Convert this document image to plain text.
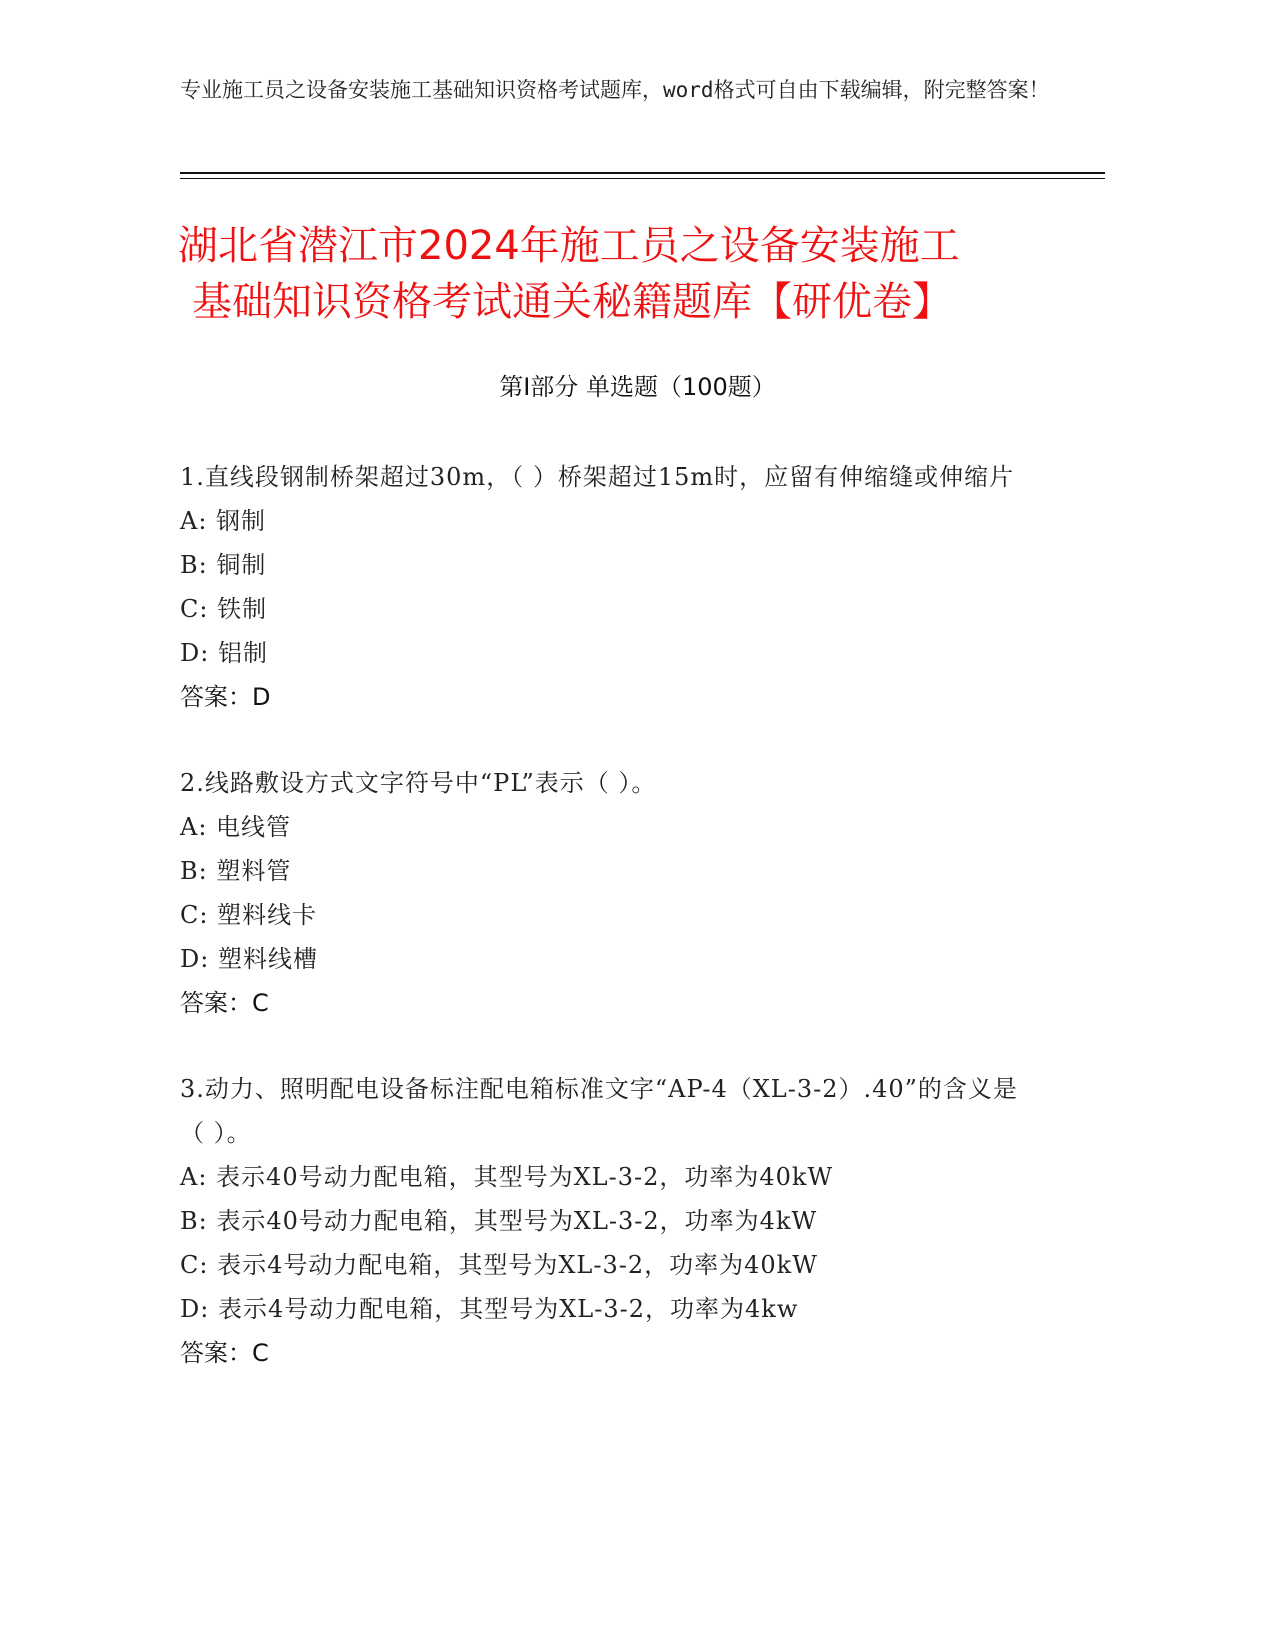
专业施工员之设备安装施工基础知识资格考试题库，word格式可自由下载编辑，附完整答案！
湖北省潜江市2024年施工员之设备安装施工
基础知识资格考试通关秘籍题库【研优卷】
第Ⅰ部分 单选题（100题）
1.直线段钢制桥架超过30m，（ ）桥架超过15m时，应留有伸缩缝或伸缩片
A: 钢制
B: 铜制
C: 铁制
D: 铝制
答案：D
2.线路敷设方式文字符号中“PL”表示（ ）。
A: 电线管
B: 塑料管
C: 塑料线卡
D: 塑料线槽
答案：C
3.动力、照明配电设备标注配电箱标准文字“AP-4（XL-3-2）.40”的含义是（ ）。
A: 表示40号动力配电箱，其型号为XL-3-2，功率为40kW
B: 表示40号动力配电箱，其型号为XL-3-2，功率为4kW
C: 表示4号动力配电箱，其型号为XL-3-2，功率为40kW
D: 表示4号动力配电箱，其型号为XL-3-2，功率为4kw
答案：C
